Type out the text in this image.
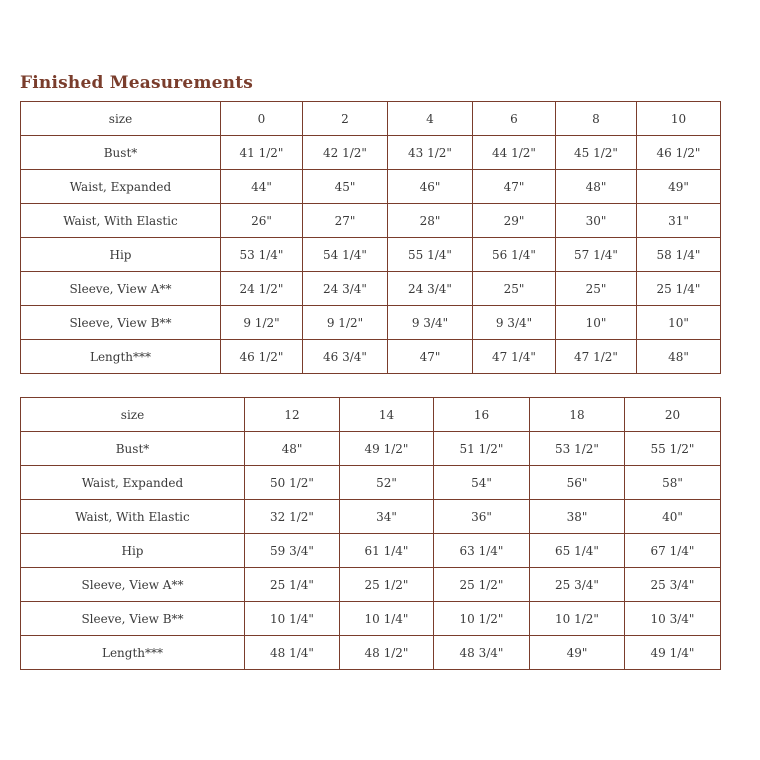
Finished Measurements
size	0	2	4	6	8	10
Bust*	41 1/2"	42 1/2"	43 1/2"	44 1/2"	45 1/2"	46 1/2"
Waist, Expanded	44"	45"	46"	47"	48"	49"
Waist, With Elastic	26"	27"	28"	29"	30"	31"
Hip	53 1/4"	54 1/4"	55 1/4"	56 1/4"	57 1/4"	58 1/4"
Sleeve, View A**	24 1/2"	24 3/4"	24 3/4"	25"	25"	25 1/4"
Sleeve, View B**	9 1/2"	9 1/2"	9 3/4"	9 3/4"	10"	10"
Length***	46 1/2"	46 3/4"	47"	47 1/4"	47 1/2"	48"
size	12	14	16	18	20
Bust*	48"	49 1/2"	51 1/2"	53 1/2"	55 1/2"
Waist, Expanded	50 1/2"	52"	54"	56"	58"
Waist, With Elastic	32 1/2"	34"	36"	38"	40"
Hip	59 3/4"	61 1/4"	63 1/4"	65 1/4"	67 1/4"
Sleeve, View A**	25 1/4"	25 1/2"	25 1/2"	25 3/4"	25 3/4"
Sleeve, View B**	10 1/4"	10 1/4"	10 1/2"	10 1/2"	10 3/4"
Length***	48 1/4"	48 1/2"	48 3/4"	49"	49 1/4"
